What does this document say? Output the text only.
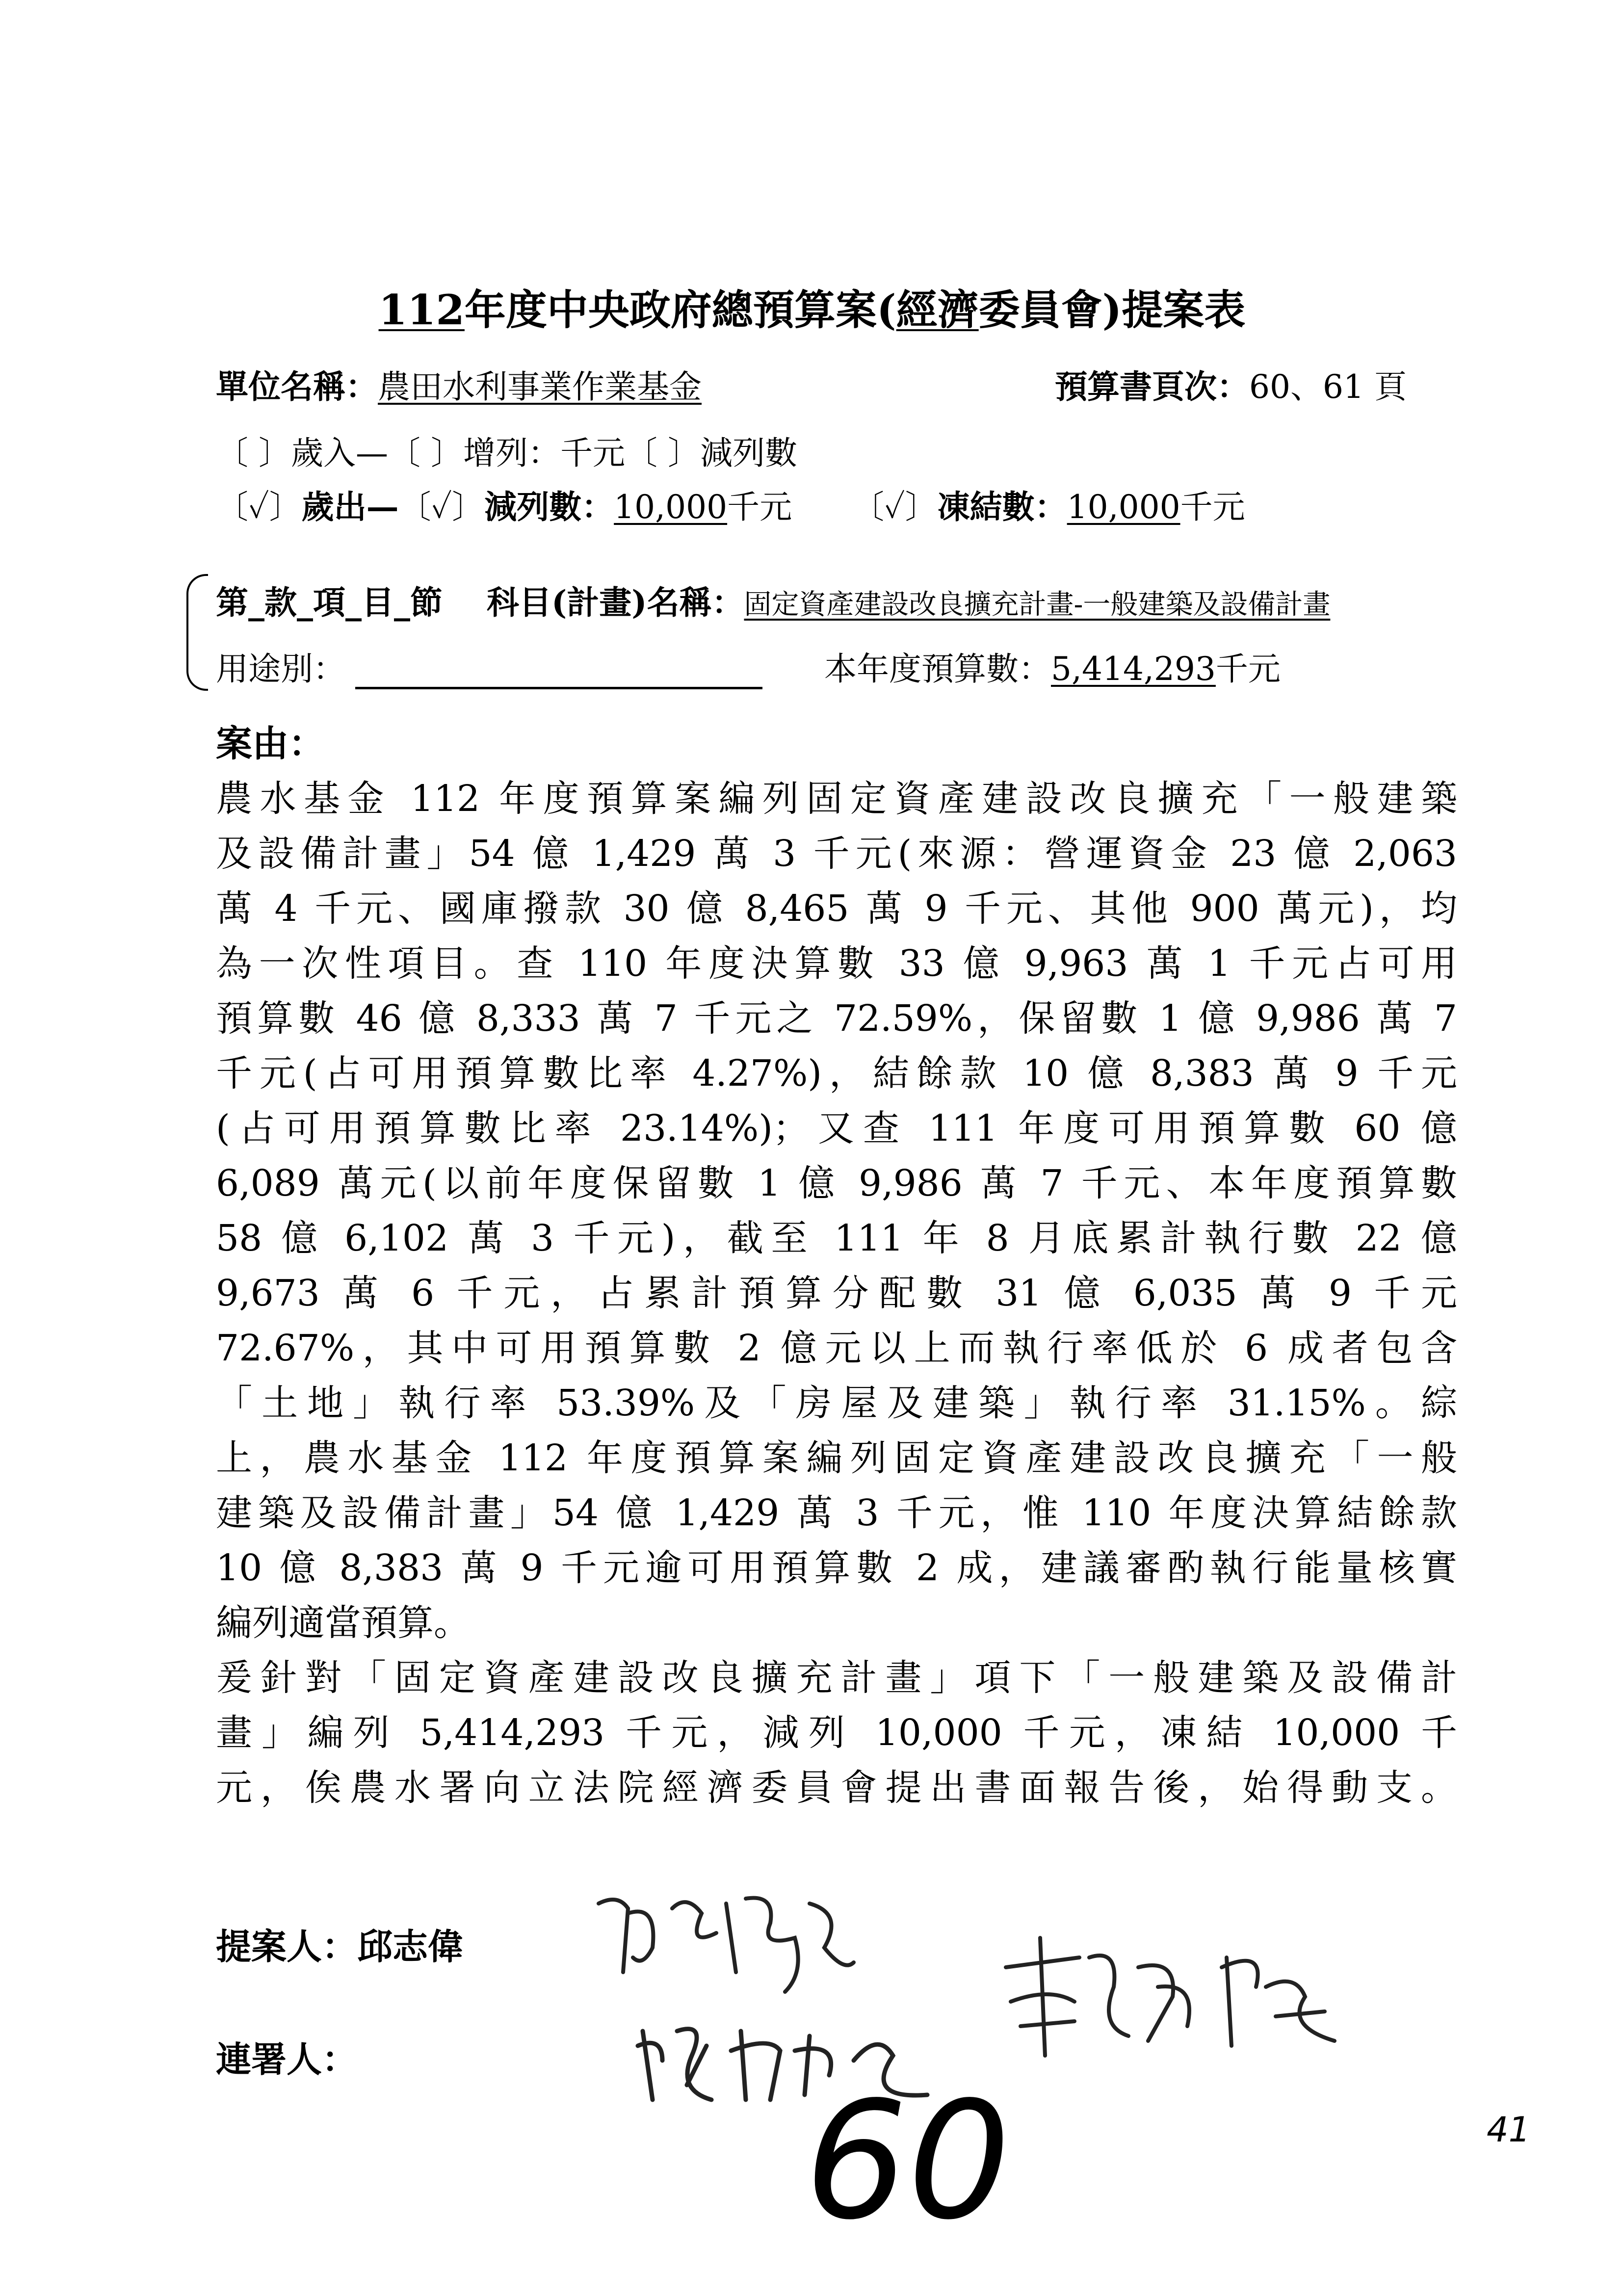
112年度中央政府總預算案(經濟委員會)提案表
單位名稱：農田水利事業作業基金	預算書頁次：60、61 頁
〔 〕歲入—〔 〕增列：千元〔 〕減列數
〔✓〕歲出—〔✓〕減列數：10,000千元 〔✓〕凍結數：10,000千元
第_款_項_目_節 科目(計畫)名稱：固定資產建設改良擴充計畫-一般建築及設備計畫
用途別：	本年度預算數：5,414,293千元
案由：
農水基金 112 年度預算案編列固定資產建設改良擴充「一般建築
及設備計畫」54 億 1,429 萬 3 千元(來源：營運資金 23 億 2,063
萬 4 千元、國庫撥款 30 億 8,465 萬 9 千元、其他 900 萬元)，均
為一次性項目。查 110 年度決算數 33 億 9,963 萬 1 千元占可用
預算數 46 億 8,333 萬 7 千元之 72.59%，保留數 1 億 9,986 萬 7
千元(占可用預算數比率 4.27%)，結餘款 10 億 8,383 萬 9 千元
(占可用預算數比率 23.14%)；又查 111 年度可用預算數 60 億
6,089 萬元(以前年度保留數 1 億 9,986 萬 7 千元、本年度預算數
58 億 6,102 萬 3 千元)，截至 111 年 8 月底累計執行數 22 億
9,673 萬 6 千元，占累計預算分配數 31 億 6,035 萬 9 千元
72.67%，其中可用預算數 2 億元以上而執行率低於 6 成者包含
「土地」執行率 53.39%及「房屋及建築」執行率 31.15%。綜
上，農水基金 112 年度預算案編列固定資產建設改良擴充「一般
建築及設備計畫」54 億 1,429 萬 3 千元，惟 110 年度決算結餘款
10 億 8,383 萬 9 千元逾可用預算數 2 成，建議審酌執行能量核實
編列適當預算。
爰針對「固定資產建設改良擴充計畫」項下「一般建築及設備計
畫」編列 5,414,293 千元，減列 10,000 千元，凍結 10,000 千
元，俟農水署向立法院經濟委員會提出書面報告後，始得動支。
提案人：邱志偉
連署人：
60	41
